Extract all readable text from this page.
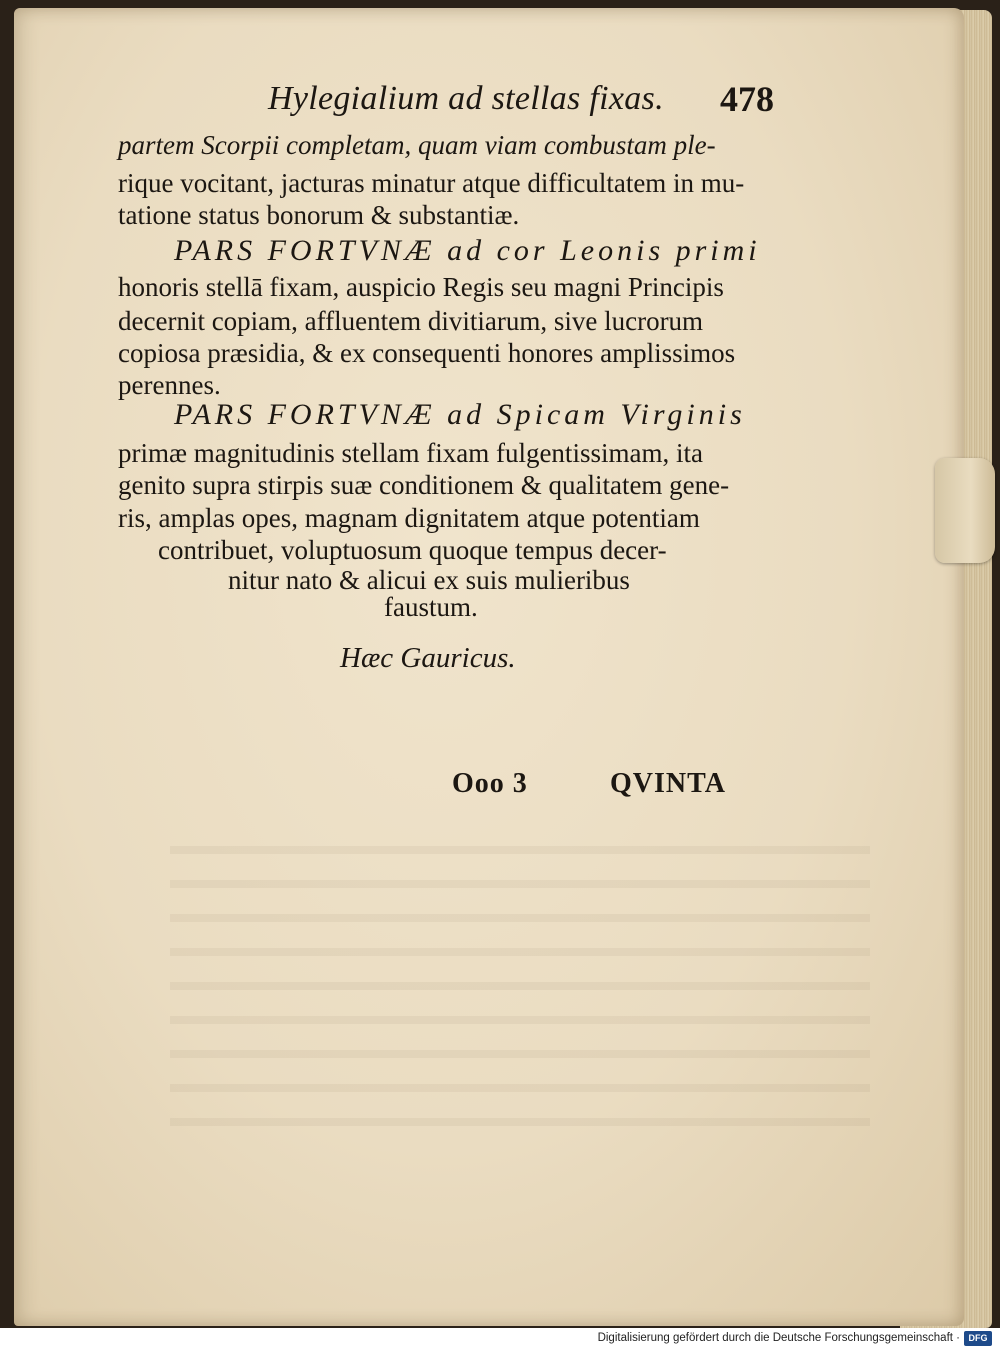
Hylegialium ad stellas fixas. 478
partem Scorpii completam, quam viam combustam ple-
rique vocitant, jacturas minatur atque difficultatem in mu-
tatione status bonorum & substantiæ.
PARS FORTVNÆ ad cor Leonis primi
honoris stellā fixam, auspicio Regis seu magni Principis
decernit copiam, affluentem divitiarum, sive lucrorum
copiosa præsidia, & ex consequenti honores amplissimos
perennes.
PARS FORTVNÆ ad Spicam Virginis
primæ magnitudinis stellam fixam fulgentissimam, ita
genito supra stirpis suæ conditionem & qualitatem gene-
ris, amplas opes, magnam dignitatem atque potentiam
contribuet, voluptuosum quoque tempus decer-
nitur nato & alicui ex suis mulieribus
faustum.
Hæc Gauricus.
Ooo 3	QVINTA
Digitalisierung gefördert durch die Deutsche Forschungsgemeinschaft · DFG
